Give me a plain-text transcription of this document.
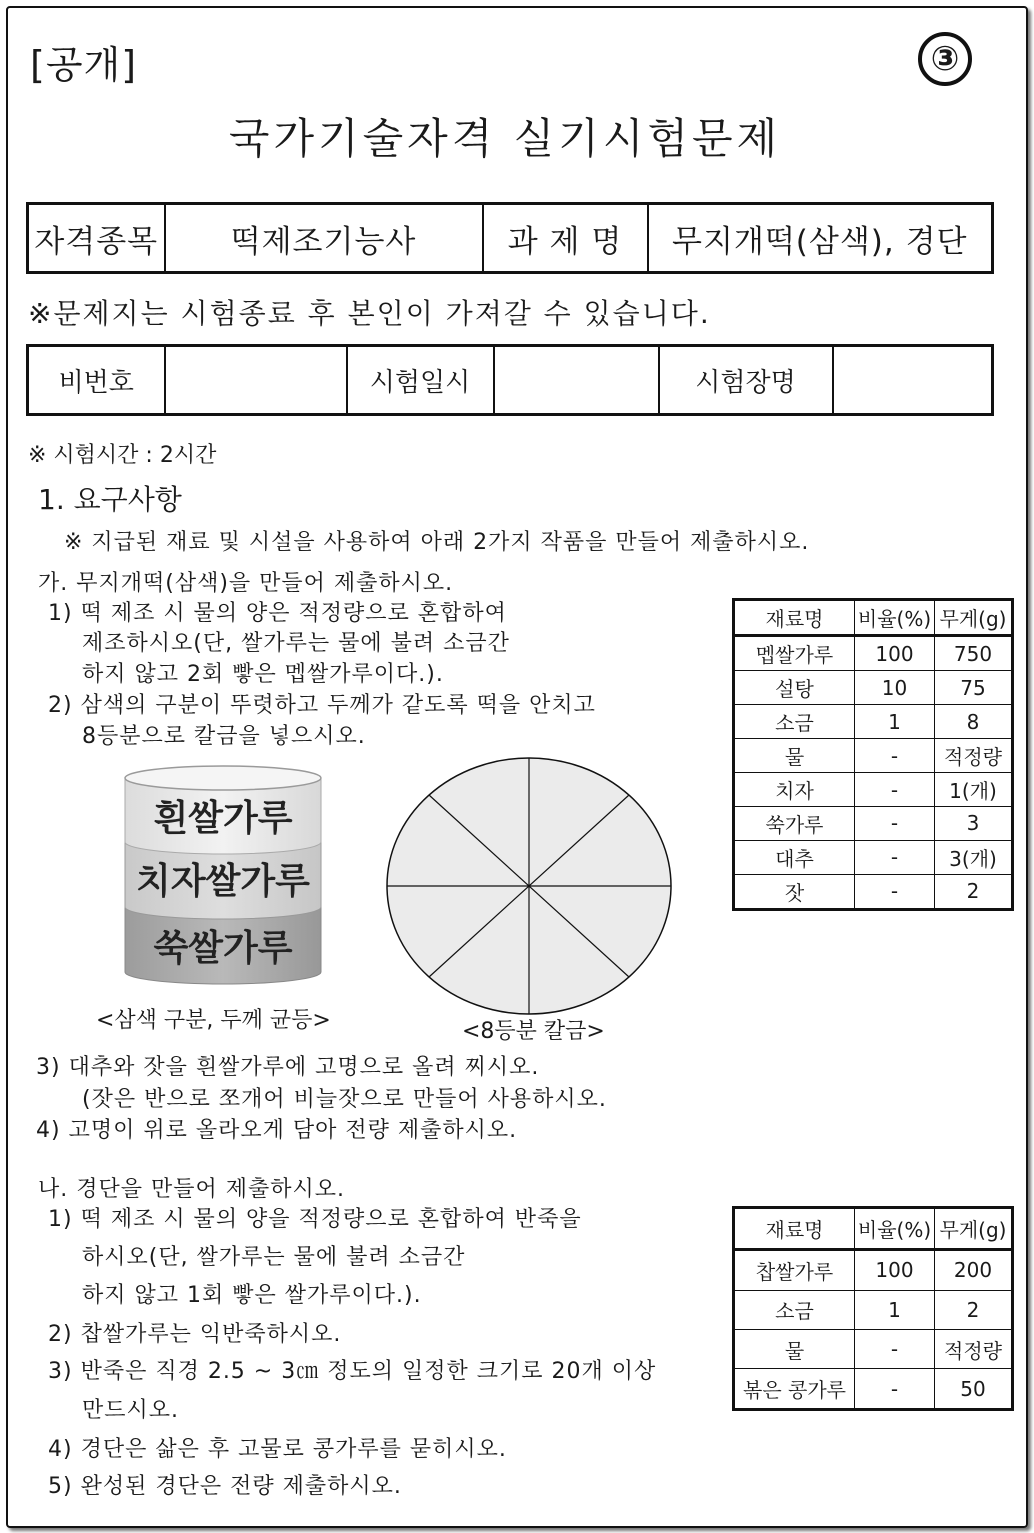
[공개]	③
국가기술자격 실기시험문제
자격종목	떡제조기능사	과 제 명	무지개떡(삼색), 경단
※문제지는 시험종료 후 본인이 가져갈 수 있습니다.
비번호		시험일시		시험장명	
※ 시험시간 : 2시간
1. 요구사항
※ 지급된 재료 및 시설을 사용하여 아래 2가지 작품을 만들어 제출하시오.
가. 무지개떡(삼색)을 만들어 제출하시오.
1) 떡 제조 시 물의 양은 적정량으로 혼합하여
제조하시오(단, 쌀가루는 물에 불려 소금간
하지 않고 2회 빻은 멥쌀가루이다.).
2) 삼색의 구분이 뚜렷하고 두께가 같도록 떡을 안치고
8등분으로 칼금을 넣으시오.
흰쌀가루
치자쌀가루
쑥쌀가루
<삼색 구분, 두께 균등>	<8등분 칼금>
재료명	비율(%)	무게(g)
멥쌀가루	100	750
설탕	10	75
소금	1	8
물	-	적정량
치자	-	1(개)
쑥가루	-	3
대추	-	3(개)
잣	-	2
3) 대추와 잣을 흰쌀가루에 고명으로 올려 찌시오.
(잣은 반으로 쪼개어 비늘잣으로 만들어 사용하시오.
4) 고명이 위로 올라오게 담아 전량 제출하시오.
나. 경단을 만들어 제출하시오.
1) 떡 제조 시 물의 양을 적정량으로 혼합하여 반죽을
하시오(단, 쌀가루는 물에 불려 소금간
하지 않고 1회 빻은 쌀가루이다.).
2) 찹쌀가루는 익반죽하시오.
3) 반죽은 직경 2.5 ~ 3㎝ 정도의 일정한 크기로 20개 이상
만드시오.
4) 경단은 삶은 후 고물로 콩가루를 묻히시오.
5) 완성된 경단은 전량 제출하시오.
재료명	비율(%)	무게(g)
찹쌀가루	100	200
소금	1	2
물	-	적정량
볶은 콩가루	-	50
